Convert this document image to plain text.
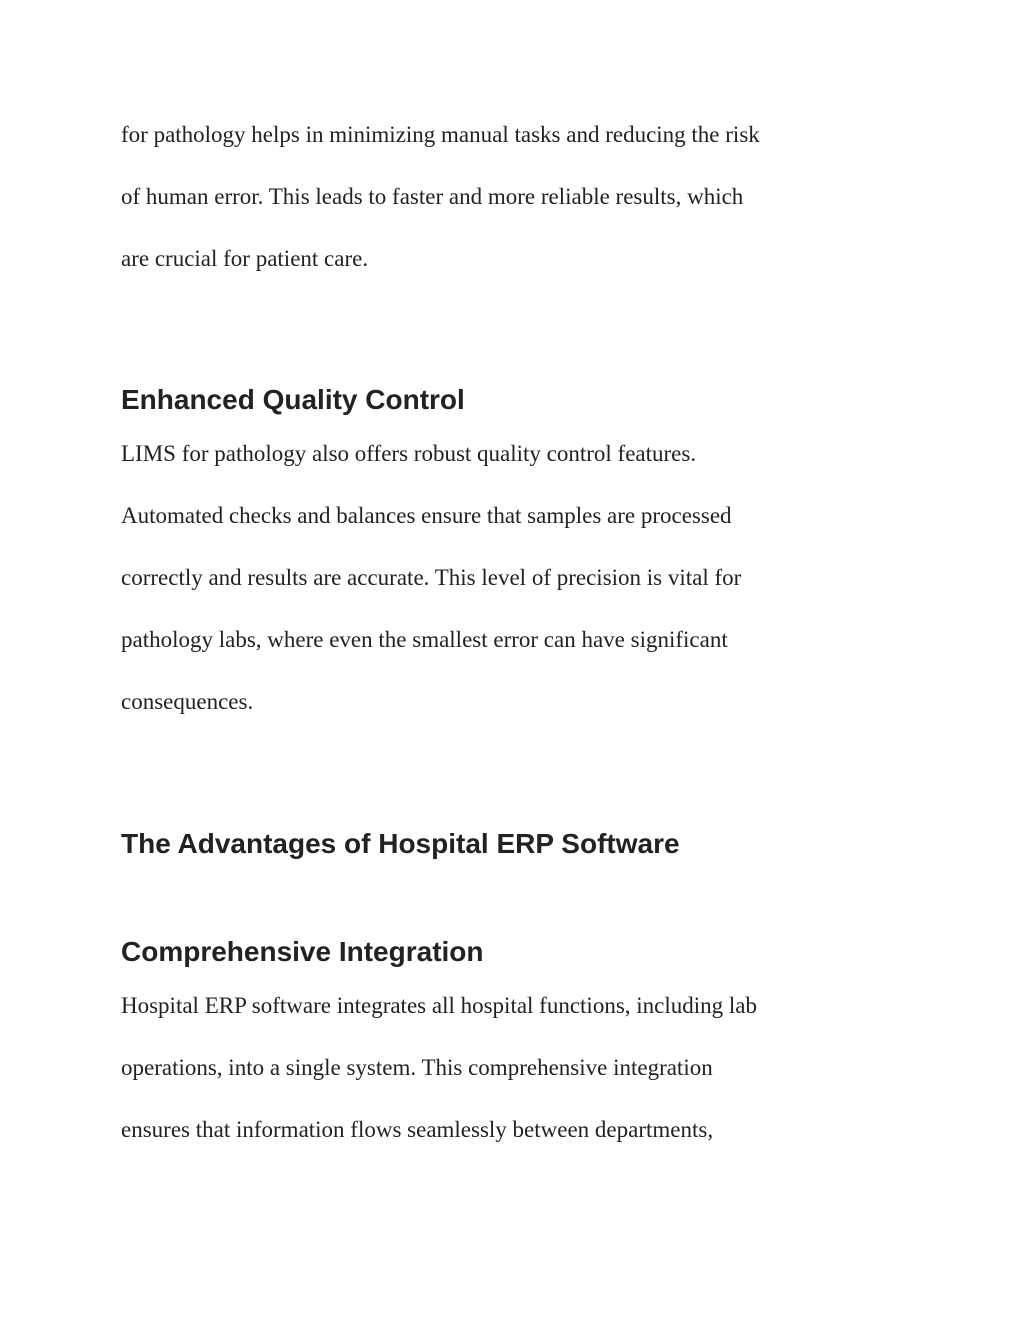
for pathology helps in minimizing manual tasks and reducing the risk

of human error. This leads to faster and more reliable results, which

are crucial for patient care.

Enhanced Quality Control

LIMS for pathology also offers robust quality control features.

Automated checks and balances ensure that samples are processed

correctly and results are accurate. This level of precision is vital for

pathology labs, where even the smallest error can have significant

consequences.

The Advantages of Hospital ERP Software
Comprehensive Integration

Hospital ERP software integrates all hospital functions, including lab

operations, into a single system. This comprehensive integration

ensures that information flows seamlessly between departments,
